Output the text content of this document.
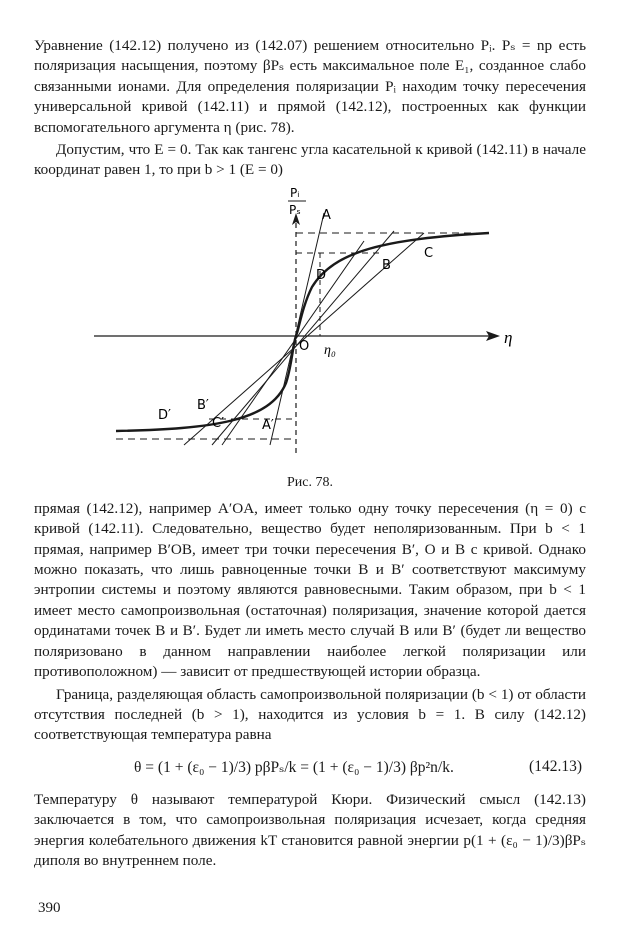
Уравнение (142.12) получено из (142.07) решением относительно Pᵢ. Pₛ = np есть поляризация насыщения, поэтому βPₛ есть максимальное поле E₁, созданное слабо связанными ионами. Для определения поляризации Pᵢ находим точку пересечения универсальной кривой (142.11) и прямой (142.12), построенных как функции вспомогательного аргумента η (рис. 78).

Допустим, что E = 0. Так как тангенс угла касательной к кривой (142.11) в начале координат равен 1, то при b > 1 (E = 0)

Pᵢ
Pₛ
η
A
B
C
D
O η₀
A′
B′
C′
D′
Рис. 78.

прямая (142.12), например A′OA, имеет только одну точку пересечения (η = 0) с кривой (142.11). Следовательно, вещество будет неполяризованным. При b < 1 прямая, например B′OB, имеет три точки пересечения B′, O и B с кривой. Однако можно показать, что лишь равноценные точки B и B′ соответствуют максимуму энтропии системы и поэтому являются равновесными. Таким образом, при b < 1 имеет место самопроизвольная (остаточная) поляризация, значение которой дается ординатами точек B и B′. Будет ли иметь место случай B или B′ (будет ли вещество поляризовано в данном направлении наиболее легкой поляризации или противоположном) — зависит от предшествующей истории образца.

Граница, разделяющая область самопроизвольной поляризации (b < 1) от области отсутствия последней (b > 1), находится из условия b = 1. В силу (142.12) соответствующая температура равна

θ = (1 + (ε₀ − 1)/3) pβPₛ/k = (1 + (ε₀ − 1)/3) βp²n/k.	(142.13)

Температуру θ называют температурой Кюри. Физический смысл (142.13) заключается в том, что самопроизвольная поляризация исчезает, когда средняя энергия колебательного движения kT становится равной энергии p(1 + (ε₀ − 1)/3)βPₛ диполя во внутреннем поле.

390
